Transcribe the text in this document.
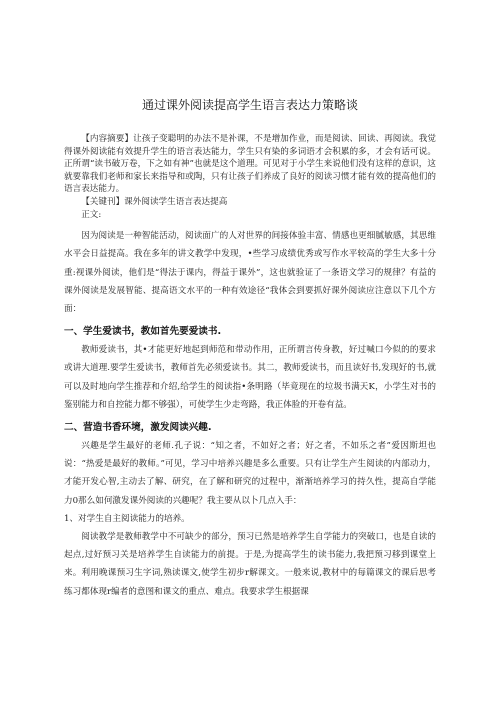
通过课外阅读提高学生语言表达力策略谈

【内容摘要】让孩子变聪明的办法不是补课，不是增加作业，而是阅读、回读、再阅读。我觉得课外阅读能有效提升学生的语言表达能力，学生只有染的多词语才会积累的多，才会有话可说。正所谓“读书破万卷，下之如有神”也就是这个道理。可见对于小学生来说他们没有这样的意识，这就要靠我们老师和家长来指导和或陶，只有让孩子们养成了良好的阅读习惯才能有效的提高他们的语言表达能力。

【关键刊】课外阅读学生语言表达提高

正文:

因为阅读是一种智能活动，阅读面广的人对世界的间接体验丰富、情感也更细腻敏感，其思维水平会日益提高。我在多年的讲文教学中发现，•些学习成绩优秀或写作水平较高的学生大多十分重:视课外阅读，他们是“得法于课内，得益于课外”，这也就验证了一条语文学习的规律？有益的课外阅读是发展智能、提高语文水平的一种有效途径“我体会到要抓好课外阅读应注意以下几个方面：

一、学生爱读书，教如首先要爱读书.

教师爱读书，其•才能更好地起到师范和带动作用，正所谓言传身教，好过喊口今似的的要求或讲大道理.要学生爱读书，教师首先必须爱读书。其二，教师爱读书，而且读好书,发现好的书,就可以及时地向学生推荐和介绍,给学生的阅读指•条明路（毕竟现在的垃圾书满天K，小学生对书的鉴别能力和自控能力都不够强），可使学生少走弯路，我正体脸的开卷有益。

二、营造书香环境，激发阅读兴趣.

兴趣是学生最好的老师.孔子说：“知之者，不如好之者；好之者，不如乐之者”爱因斯坦也说：“热爱是最好的教师。”可见，学习中培养兴趣是多么重要。只有让学生产生阅读的内部动力，才能开发心智,主动去了解、研究，在了解和研究的过程中，渐渐培养学习的持久性，提高自学能力0那么如何激发课外阅读的兴趣呢？我主要从以卜几点入手：

1、对学生自主阅读能力的培养。

阅读教学是教师教学中不可缺少的部分，预习已然是培养学生自学能力的突破口，也是自读的起点,过好预习关是培养学生自读能力的前提。于是,为提高学生的读书能力,我把预习移到课堂上来。利用晚课预习生字词,熟读课文,使学生初步r解课文。一般来说,教材中的每篇课文的课后思考练习都体现r编者的意图和课文的重点、难点。我要求学生根据课
